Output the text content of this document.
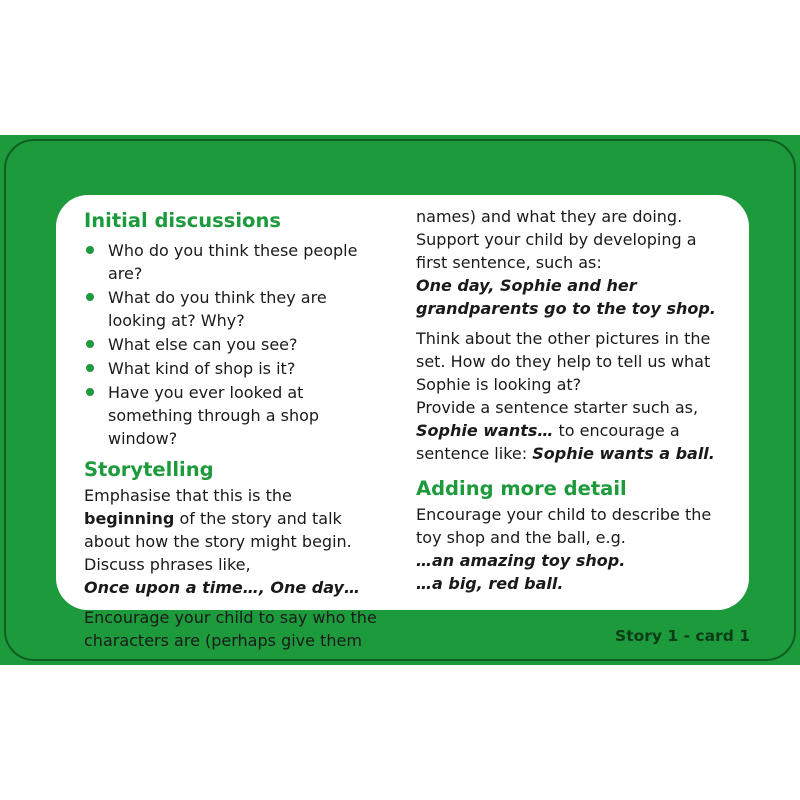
Initial discussions
Who do you think these people are?
What do you think they are looking at? Why?
What else can you see?
What kind of shop is it?
Have you ever looked at something through a shop window?
Storytelling

Emphasise that this is the beginning of the story and talk about how the story might begin. Discuss phrases like,
Once upon a time…, One day…

Encourage your child to say who the characters are (perhaps give them

names) and what they are doing. Support your child by developing a first sentence, such as:
One day, Sophie and her grandparents go to the toy shop.

Think about the other pictures in the set. How do they help to tell us what Sophie is looking at?
Provide a sentence starter such as,
Sophie wants… to encourage a sentence like: Sophie wants a ball.

Adding more detail

Encourage your child to describe the toy shop and the ball, e.g.
…an amazing toy shop.
…a big, red ball.

Story 1 - card 1
